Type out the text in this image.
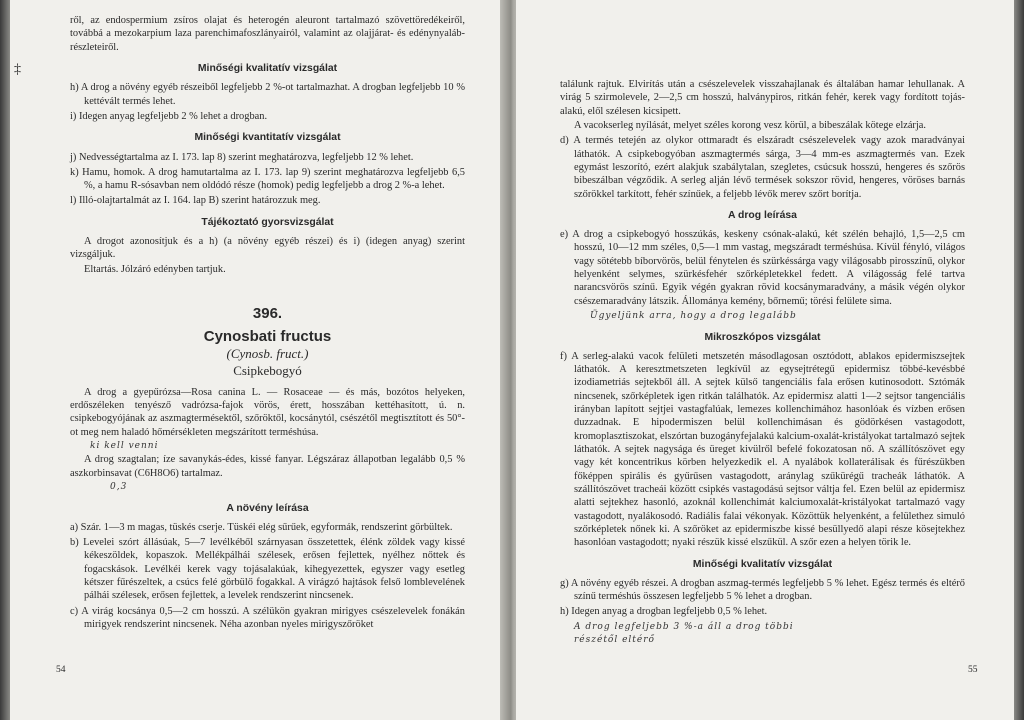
‡

ről, az endospermium zsíros olajat és heterogén aleuront tartalmazó szövettöredékeiről, továbbá a mezokarpium laza parenchimafoszlányairól, valamint az olajjárat- és edénynyaláb-részleteiről.

Minőségi kvalitatív vizsgálat

h) A drog a növény egyéb részeiből legfeljebb 2 %-ot tartalmazhat. A drogban legfeljebb 10 % kettévált termés lehet.

i) Idegen anyag legfeljebb 2 % lehet a drogban.

Minőségi kvantitatív vizsgálat

j) Nedvességtartalma az I. 173. lap 8) szerint meghatározva, legfeljebb 12 % lehet.

k) Hamu, homok. A drog hamutartalma az I. 173. lap 9) szerint meghatározva legfeljebb 6,5 %, a hamu R-sósavban nem oldódó része (homok) pedig legfeljebb a drog 2 %-a lehet.

l) Illó-olajtartalmát az I. 164. lap B) szerint határozzuk meg.

Tájékoztató gyorsvizsgálat

A drogot azonosítjuk és a h) (a növény egyéb részei) és i) (idegen anyag) szerint vizsgáljuk.

Eltartás. Jólzáró edényben tartjuk.

396.
Cynosbati fructus
(Cynosb. fruct.)
Csipkebogyó

A drog a gyepűrózsa—Rosa canina L. — Rosaceae — és más, bozótos helyeken, erdőszéleken tenyésző vadrózsa-fajok vörös, érett, hosszában kettéhasított, ú. n. csipkebogyójának az aszmagtermésektől, szőröktől, kocsánytól, csészétől megtisztított és 50°-ot meg nem haladó hőmérsékleten megszárított terméshúsa.

ki kell venni

A drog szagtalan; íze savanykás-édes, kissé fanyar. Légszáraz állapotban legalább 0,5 % aszkorbinsavat (C6H8O6) tartalmaz.

0,3

A növény leírása

a) Szár. 1—3 m magas, tüskés cserje. Tüskéi elég sűrűek, egyformák, rendszerint görbültek.

b) Levelei szórt állásúak, 5—7 levélkéből szárnyasan összetettek, élénk zöldek vagy kissé kékeszöldek, kopaszok. Mellékpálhái szélesek, erősen fejlettek, nyélhez nőttek és fogacskások. Levélkéi kerek vagy tojásalakúak, kihegyezettek, egyszer vagy esetleg kétszer fűrészeltek, a csúcs felé görbülő fogakkal. A virágzó hajtások felső lomblevelének pálhái szélesek, erősen fejlettek, a levelek rendszerint nincsenek.

c) A virág kocsánya 0,5—2 cm hosszú. A szélükön gyakran mirigyes csészelevelek fonákán mirigyek rendszerint nincsenek. Néha azonban nyeles mirigyszőröket

54

találunk rajtuk. Elvirítás után a csészelevelek visszahajlanak és általában hamar lehullanak. A virág 5 szirmolevele, 2—2,5 cm hosszú, halványpiros, ritkán fehér, kerek vagy fordított tojás-alakú, elől szélesen kicsipett.

A vacokserleg nyílását, melyet széles korong vesz körül, a bibeszálak kötege elzárja.

d) A termés tetején az olykor ottmaradt és elszáradt csészelevelek vagy azok maradványai láthatók. A csipkebogyóban aszmagtermés sárga, 3—4 mm-es aszmagtermés van. Ezek egymást leszorító, ezért alakjuk szabálytalan, szegletes, csúcsuk hosszú, hengeres és szőrös bibeszálban végződik. A serleg alján lévő termések sokszor rövid, hengeres, vöröses barnás szőrökkel tarkított, fehér színűek, a feljebb lévők merev szőrt borítja.

A drog leírása

e) A drog a csipkebogyó hosszúkás, keskeny csónak-alakú, két szélén behajló, 1,5—2,5 cm hosszú, 10—12 mm széles, 0,5—1 mm vastag, megszáradt terméshúsa. Kívül fényló, világos vagy sötétebb bíborvörös, belül fénytelen és szürkéssárga vagy világosabb pirosszínű, olykor helyenként selymes, szürkésfehér szőrképletekkel fedett. A világosság felé tartva narancsvörös színű. Egyik végén gyakran rövid kocsánymaradvány, a másik végén olykor csészemaradvány látszik. Állománya kemény, bőrnemű; törési felülete sima.

Ügyeljünk arra, hogy a drog legalább

Mikroszkópos vizsgálat

f) A serleg-alakú vacok felületi metszetén másodlagosan osztódott, ablakos epidermiszsejtek láthatók. A keresztmetszeten legkívül az egysejtrétegű epidermisz többé-kevésbbé izodiametriás sejtekből áll. A sejtek külső tangenciális fala erősen kutinosodott. Sztómák nincsenek, szőrképletek igen ritkán találhatók. Az epidermisz alatti 1—2 sejtsor tangenciális irányban lapított sejtjei vastagfalúak, lemezes kollenchimához hasonlóak és vízben erősen duzzadnak. E hipodermiszen belül kollenchimásan és gödörkésen vastagodott, kromoplasztiszokat, elszórtan buzogányfejalakú kalcium-oxalát-kristályokat tartalmazó sejtek láthatók. A sejtek nagysága és üreget kivülről befelé fokozatosan nő. A szállítószövet egy vagy két koncentrikus körben helyezkedik el. A nyalábok kollaterálisak és fűrészükben főképpen spirális és gyűrűsen vastagodott, aránylag szűkürégű tracheák láthatók. A szállítószövet tracheái között csipkés vastagodású sejtsor váltja fel. Ezen belül az epidermisz alatti sejtekhez hasonló, azoknál kollenchimát kalciumoxalát-kristályokat tartalmazó vagy vastagodott, nyalákosodó. Radiális falai vékonyak. Közöttük helyenként, a felülethez simuló szőrképletek nőnek ki. A szőröket az epidermiszbe kissé besüllyedő alapi része kösejtekhez hasonlóan vastagodott; nyaki részük kissé elszűkül. A szőr ezen a helyen törik le.

Minőségi kvalitatív vizsgálat

g) A növény egyéb részei. A drogban aszmag-termés legfeljebb 5 % lehet. Egész termés és eltérő színű terméshús összesen legfeljebb 5 % lehet a drogban.

h) Idegen anyag a drogban legfeljebb 0,5 % lehet.

A drog legfeljebb 3 %-a áll a drog többi

részétől eltérő

55
